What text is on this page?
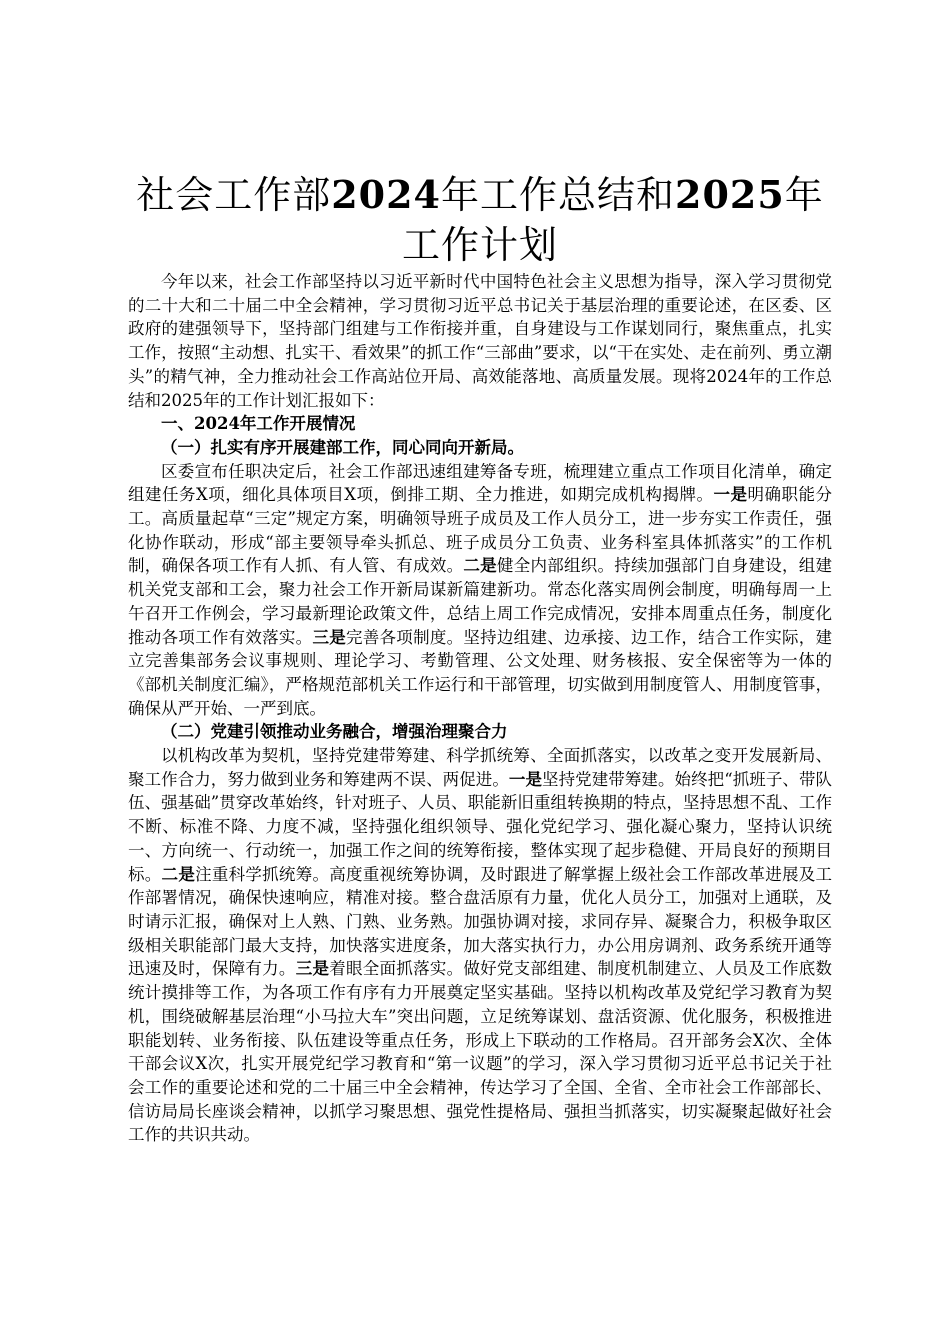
社会工作部2024年工作总结和2025年工作计划

今年以来，社会工作部坚持以习近平新时代中国特色社会主义思想为指导，深入学习贯彻党的二十大和二十届二中全会精神，学习贯彻习近平总书记关于基层治理的重要论述，在区委、区政府的建强领导下，坚持部门组建与工作衔接并重，自身建设与工作谋划同行，聚焦重点，扎实工作，按照“主动想、扎实干、看效果”的抓工作“三部曲”要求，以“干在实处、走在前列、勇立潮头”的精气神，全力推动社会工作高站位开局、高效能落地、高质量发展。现将2024年的工作总结和2025年的工作计划汇报如下：

一、2024年工作开展情况

（一）扎实有序开展建部工作，同心同向开新局。

区委宣布任职决定后，社会工作部迅速组建筹备专班，梳理建立重点工作项目化清单，确定组建任务X项，细化具体项目X项，倒排工期、全力推进，如期完成机构揭牌。一是明确职能分工。高质量起草“三定”规定方案，明确领导班子成员及工作人员分工，进一步夯实工作责任，强化协作联动，形成“部主要领导牵头抓总、班子成员分工负责、业务科室具体抓落实”的工作机制，确保各项工作有人抓、有人管、有成效。二是健全内部组织。持续加强部门自身建设，组建机关党支部和工会，聚力社会工作开新局谋新篇建新功。常态化落实周例会制度，明确每周一上午召开工作例会，学习最新理论政策文件，总结上周工作完成情况，安排本周重点任务，制度化推动各项工作有效落实。三是完善各项制度。坚持边组建、边承接、边工作，结合工作实际，建立完善集部务会议事规则、理论学习、考勤管理、公文处理、财务核报、安全保密等为一体的《部机关制度汇编》，严格规范部机关工作运行和干部管理，切实做到用制度管人、用制度管事，确保从严开始、一严到底。

（二）党建引领推动业务融合，增强治理聚合力

以机构改革为契机，坚持党建带筹建、科学抓统筹、全面抓落实，以改革之变开发展新局、聚工作合力，努力做到业务和筹建两不误、两促进。一是坚持党建带筹建。始终把“抓班子、带队伍、强基础”贯穿改革始终，针对班子、人员、职能新旧重组转换期的特点，坚持思想不乱、工作不断、标准不降、力度不减，坚持强化组织领导、强化党纪学习、强化凝心聚力，坚持认识统一、方向统一、行动统一，加强工作之间的统筹衔接，整体实现了起步稳健、开局良好的预期目标。二是注重科学抓统筹。高度重视统筹协调，及时跟进了解掌握上级社会工作部改革进展及工作部署情况，确保快速响应，精准对接。整合盘活原有力量，优化人员分工，加强对上通联，及时请示汇报，确保对上人熟、门熟、业务熟。加强协调对接，求同存异、凝聚合力，积极争取区级相关职能部门最大支持，加快落实进度条，加大落实执行力，办公用房调剂、政务系统开通等迅速及时，保障有力。三是着眼全面抓落实。做好党支部组建、制度机制建立、人员及工作底数统计摸排等工作，为各项工作有序有力开展奠定坚实基础。坚持以机构改革及党纪学习教育为契机，围绕破解基层治理“小马拉大车”突出问题，立足统筹谋划、盘活资源、优化服务，积极推进职能划转、业务衔接、队伍建设等重点任务，形成上下联动的工作格局。召开部务会X次、全体干部会议X次，扎实开展党纪学习教育和“第一议题”的学习，深入学习贯彻习近平总书记关于社会工作的重要论述和党的二十届三中全会精神，传达学习了全国、全省、全市社会工作部部长、信访局局长座谈会精神，以抓学习聚思想、强党性提格局、强担当抓落实，切实凝聚起做好社会工作的共识共动。
